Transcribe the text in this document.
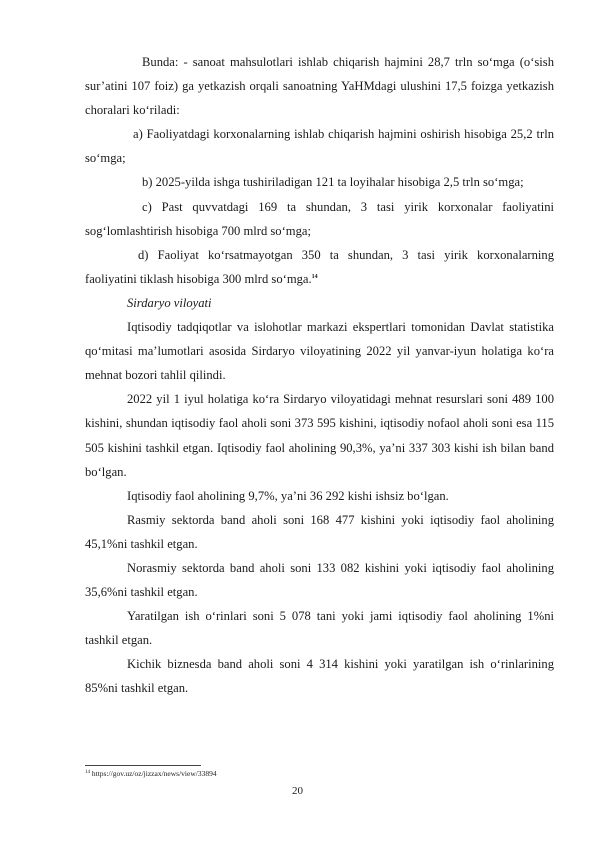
Bunda: - sanoat mahsulotlari ishlab chiqarish hajmini 28,7 trln so‘mga (o‘sish sur’atini 107 foiz) ga yetkazish orqali sanoatning YaHMdagi ulushini 17,5 foizga yetkazish choralari ko‘riladi:

a) Faoliyatdagi korxonalarning ishlab chiqarish hajmini oshirish hisobiga 25,2 trln so‘mga;

b) 2025-yilda ishga tushiriladigan 121 ta loyihalar hisobiga 2,5 trln so‘mga;

c) Past quvvatdagi 169 ta shundan, 3 tasi yirik korxonalar faoliyatini sog‘lomlashtirish hisobiga 700 mlrd so‘mga;

d) Faoliyat ko‘rsatmayotgan 350 ta shundan, 3 tasi yirik korxonalarning faoliyatini tiklash hisobiga 300 mlrd so‘mga.$^{14}$

Sirdaryo viloyati

Iqtisodiy tadqiqotlar va islohotlar markazi ekspertlari tomonidan Davlat statistika qo‘mitasi ma’lumotlari asosida Sirdaryo viloyatining 2022 yil yanvar-iyun holatiga ko‘ra mehnat bozori tahlil qilindi.

2022 yil 1 iyul holatiga ko‘ra Sirdaryo viloyatidagi mehnat resurslari soni 489 100 kishini, shundan iqtisodiy faol aholi soni 373 595 kishini, iqtisodiy nofaol aholi soni esa 115 505 kishini tashkil etgan. Iqtisodiy faol aholining 90,3%, ya’ni 337 303 kishi ish bilan band bo‘lgan.

Iqtisodiy faol aholining 9,7%, ya’ni 36 292 kishi ishsiz bo‘lgan.

Rasmiy sektorda band aholi soni 168 477 kishini yoki iqtisodiy faol aholining 45,1%ni tashkil etgan.

Norasmiy sektorda band aholi soni 133 082 kishini yoki iqtisodiy faol aholining 35,6%ni tashkil etgan.

Yaratilgan ish o‘rinlari soni 5 078 tani yoki jami iqtisodiy faol aholining 1%ni tashkil etgan.

Kichik biznesda band aholi soni 4 314 kishini yoki yaratilgan ish o‘rinlarining 85%ni tashkil etgan.

$^{14}$ https://gov.uz/oz/jizzax/news/view/33894
20
